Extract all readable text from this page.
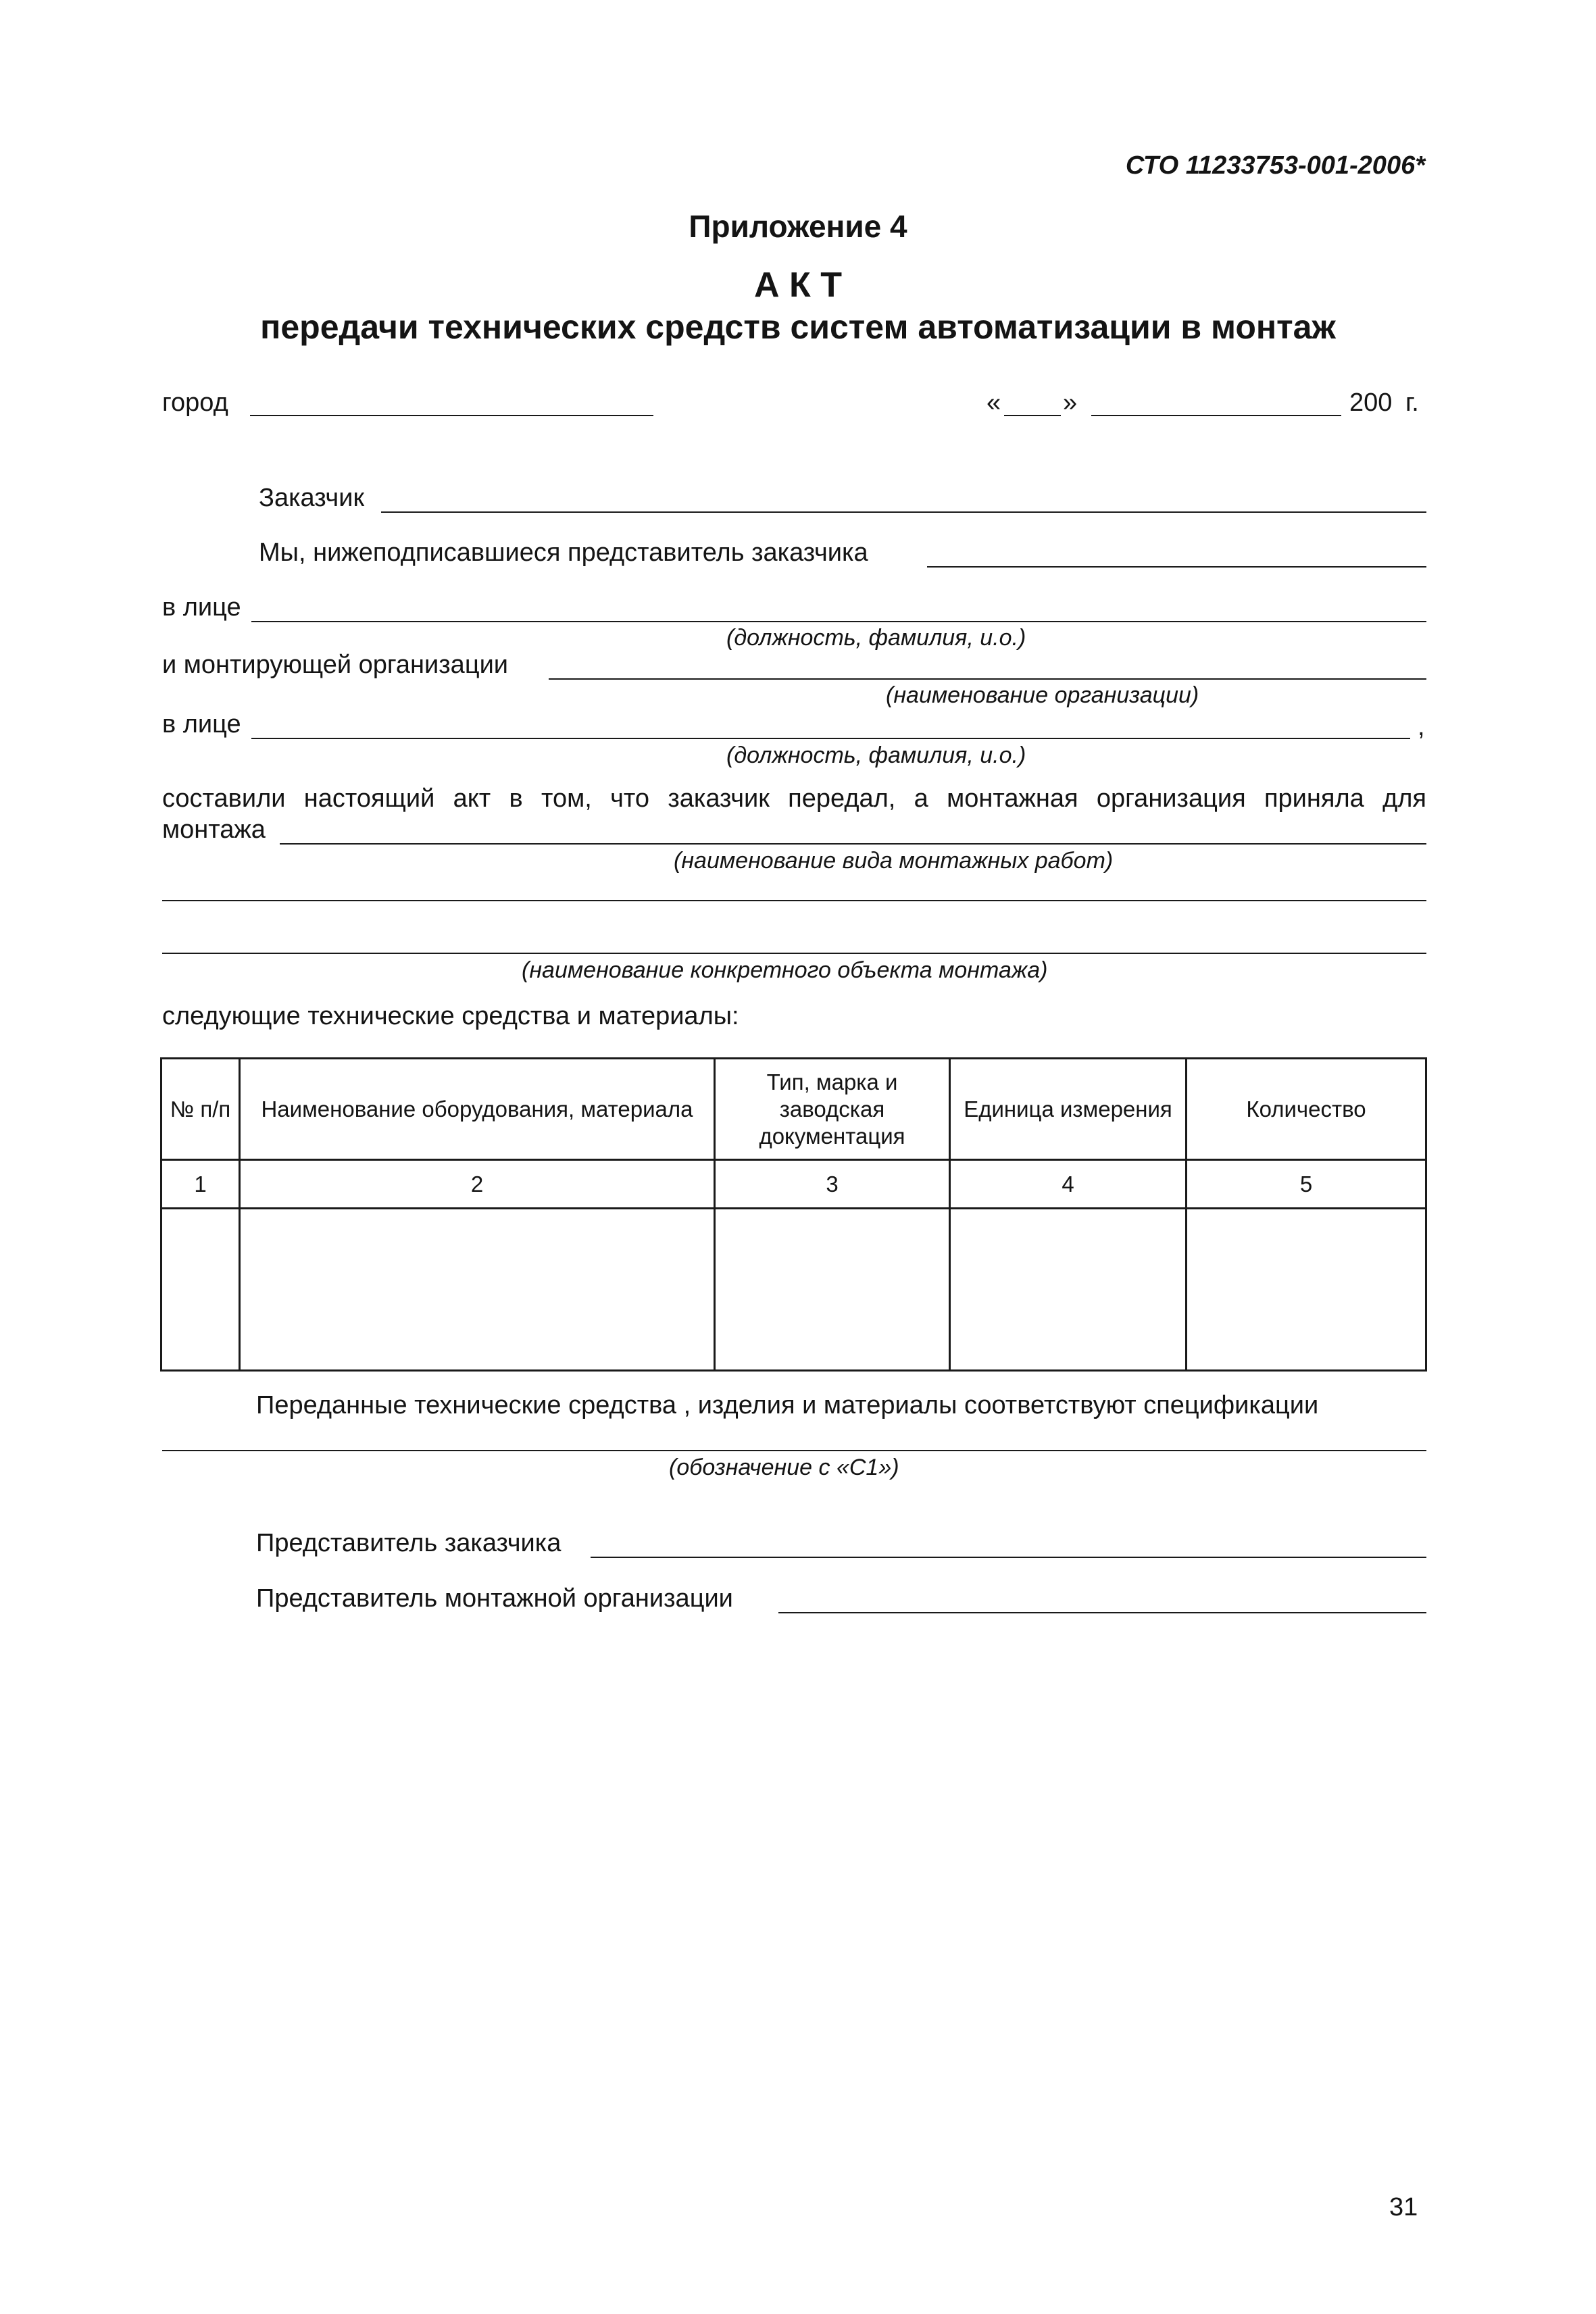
СТО 11233753-001-2006*
Приложение 4
А К Т
передачи технических средств систем автоматизации в монтаж
город	« »	200 г.
Заказчик
Мы, нижеподписавшиеся представитель заказчика
в лице
(должность, фамилия, и.о.)
и монтирующей организации
(наименование организации)
в лице	,
(должность, фамилия, и.о.)
составили настоящий акт в том, что заказчик передал, а монтажная организация приняла для
монтажа
(наименование вида монтажных работ)
(наименование конкретного объекта монтажа)
следующие технические средства и материалы:
№ п/п	Наименование оборудования, материала	Тип, марка и заводская документация	Единица измерения	Количество
1	2	3	4	5

Переданные технические средства , изделия и материалы соответствуют спецификации
(обозначение с «С1»)
Представитель заказчика
Представитель монтажной организации
31
